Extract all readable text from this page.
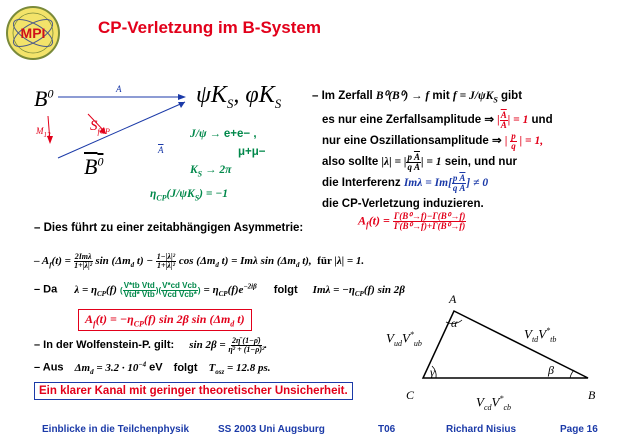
MPI	CP-Verletzung im B-System
$B^0$
$B^0$
$\psi K_S$, $\varphi K_S$
A
$\overline{A}$
$M_{12}$
$S_{fCP}$	J/ψ → e+e− ,
μ+μ−
$K_S \to 2\pi$
$\eta_{CP}(J/\psi K_S) = -1$
– Im Zerfall B⁰(B⁰) → f mit $f = J/\psi K_S$ gibt
es nur eine Zerfallsamplitude ⇒ | $\frac{\overline{A}}{A}$ | = 1 und
nur eine Oszillationsamplitude ⇒ | $\frac{p}{q}$ | = 1,
also sollte |λ| = | $\frac{p}{q} \frac{\overline{A}}{A}$ | = 1 sein, und nur
die Interferenz $Im\lambda = Im[ \frac{p}{q} \frac{\overline{A}}{A}$ ] ≠ 0
die CP-Verletzung induzieren.
– Dies führt zu einer zeitabhängigen Asymmetrie:
$A_f(t) = \frac{\text{Γ(B⁰→f)−Γ(B⁰→f)}}{\text{Γ(B⁰→f)+Γ(B⁰→f)}}$
– $A_f(t) = \frac{\text{2Imλ}}{\text{1+|λ|²}}$ $\sin (\Delta m_d$ $t) - \frac{\text{1−|λ|²}}{\text{1+|λ|²}}$ $\cos (\Delta m_d$ t) = Imλ $\sin (\Delta m_d$ t), für |λ| = 1.
– Da $\lambda = \eta_{CP}(f)$ ( $\frac{\text{V*tb Vtd}}{\text{Vtd* Vtb}}$ )( $\frac{\text{V*cd Vcb}}{\text{Vcd Vcb*}}$ ) = $\eta_{CP}(f)e^{-2i\beta}$ folgt $Im\lambda = -\eta_{CP}(f)$ sin 2β
$A_f(t) = -\eta_{CP}(f)$ sin 2β $\sin (\Delta m_d$ t)
– In der Wolfenstein-P. gilt: $\sin 2\beta = \frac{2\etā (1-\rhō)}{\text{η̄² + (1−ρ̄)²}}$ .
– Aus $\Delta m_d = 3.2 \cdot 10^{-4}$ eV folgt $T_{osz} = 12.8$ ps.
Ein klarer Kanal mit geringer theoretischer Unsicherheit.
A
B
C
α
β
γ
$V_{ud}V^*_{ub}$
$V_{td}V^*_{tb}$
$V_{cd}V^*_{cb}$
Einblicke in die Teilchenphysik	SS 2003 Uni Augsburg	T06	Richard Nisius	Page 16
